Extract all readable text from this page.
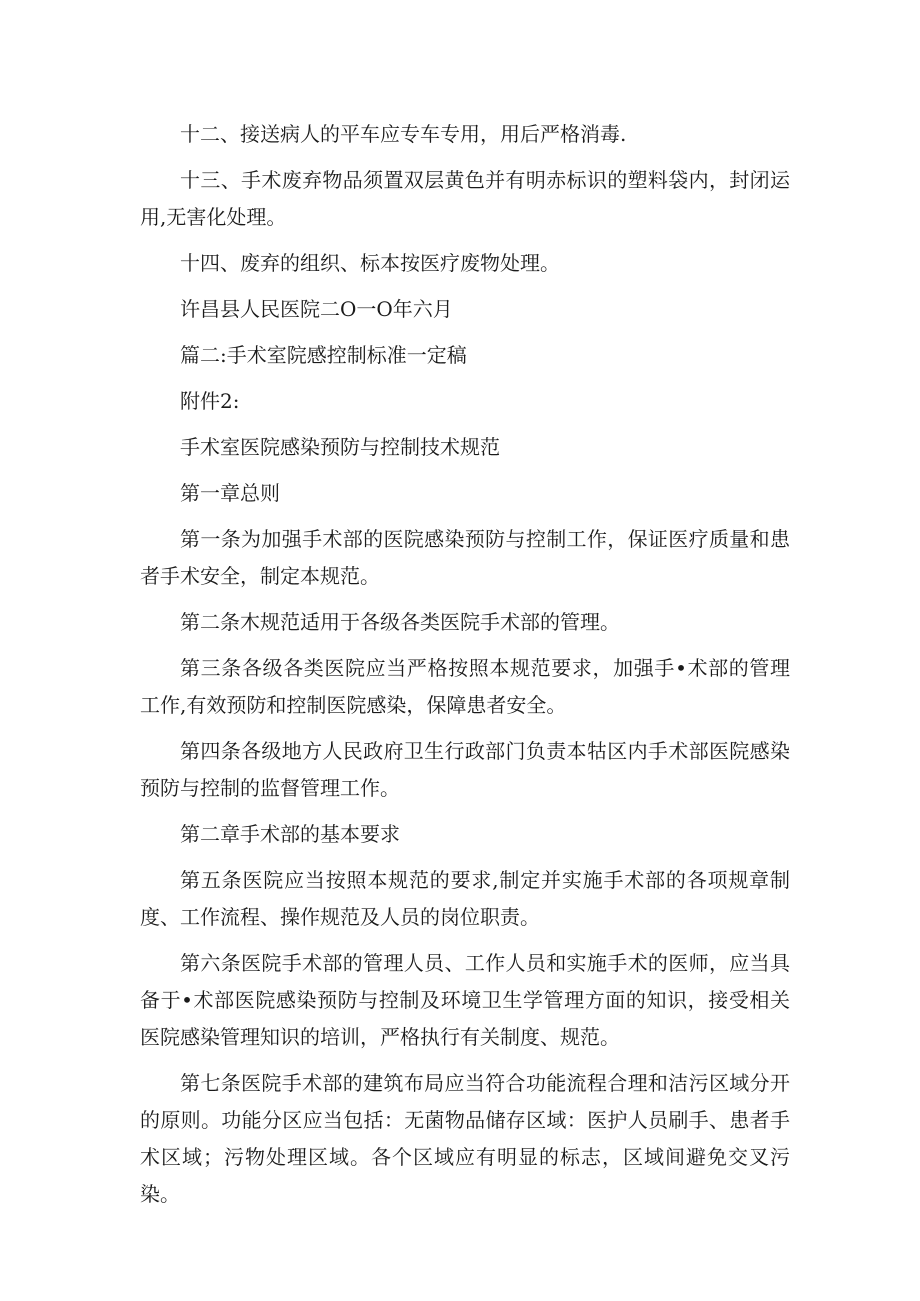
十二、接送病人的平车应专车专用，用后严格消毒.

十三、手术废弃物品须置双层黄色并有明赤标识的塑料袋内，封闭运用,无害化处理。

十四、废弃的组织、标本按医疗废物处理。

许昌县人民医院二O一O年六月

篇二:手术室院感控制标准一定稿

附件2:

手术室医院感染预防与控制技术规范

第一章总则

第一条为加强手术部的医院感染预防与控制工作，保证医疗质量和患者手术安全，制定本规范。

第二条木规范适用于各级各类医院手术部的管理。

第三条各级各类医院应当严格按照本规范要求，加强手•术部的管理工作,有效预防和控制医院感染，保障患者安全。

第四条各级地方人民政府卫生行政部门负责本牯区内手术部医院感染预防与控制的监督管理工作。

第二章手术部的基本要求

第五条医院应当按照本规范的要求,制定并实施手术部的各项规章制度、工作流程、操作规范及人员的岗位职责。

第六条医院手术部的管理人员、工作人员和实施手术的医师，应当具备于•术部医院感染预防与控制及环境卫生学管理方面的知识，接受相关医院感染管理知识的培训，严格执行有关制度、规范。

第七条医院手术部的建筑布局应当符合功能流程合理和洁污区域分开的原则。功能分区应当包括：无菌物品储存区域：医护人员刷手、患者手术区域；污物处理区域。各个区域应有明显的标志，区域间避免交叉污染。
